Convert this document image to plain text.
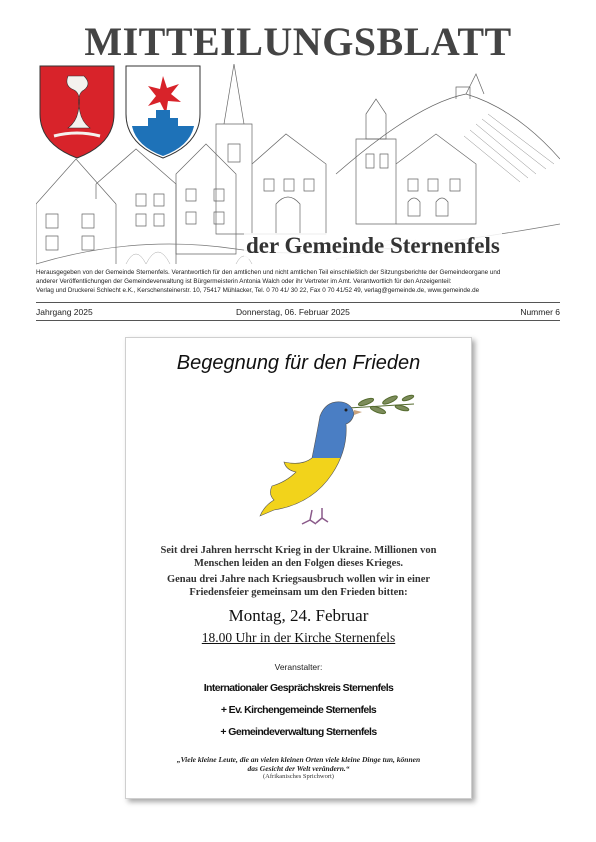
MITTEILUNGSBLATT
der Gemeinde Sternenfels
Herausgegeben von der Gemeinde Sternenfels. Verantwortlich für den amtlichen und nicht amtlichen Teil einschließlich der Sitzungsberichte der Gemeindeorgane und
anderer Veröffentlichungen der Gemeindeverwaltung ist Bürgermeisterin Antonia Walch oder ihr Vertreter im Amt. Verantwortlich für den Anzeigenteil:
Verlag und Druckerei Schlecht e.K., Kerschensteinerstr. 10, 75417 Mühlacker, Tel. 0 70 41/ 30 22, Fax 0 70 41/52 49, verlag@gemeinde.de, www.gemeinde.de
Jahrgang 2025	Donnerstag, 06. Februar 2025	Nummer 6
Begegnung für den Frieden
Seit drei Jahren herrscht Krieg in der Ukraine. Millionen von
Menschen leiden an den Folgen dieses Krieges.
Genau drei Jahre nach Kriegsausbruch wollen wir in einer
Friedensfeier gemeinsam um den Frieden bitten:
Montag, 24. Februar
18.00 Uhr in der Kirche Sternenfels
Veranstalter:
Internationaler Gesprächskreis Sternenfels
+ Ev. Kirchengemeinde Sternenfels
+ Gemeindeverwaltung Sternenfels
„Viele kleine Leute, die an vielen kleinen Orten viele kleine Dinge tun, können
das Gesicht der Welt verändern.“
(Afrikanisches Sprichwort)
